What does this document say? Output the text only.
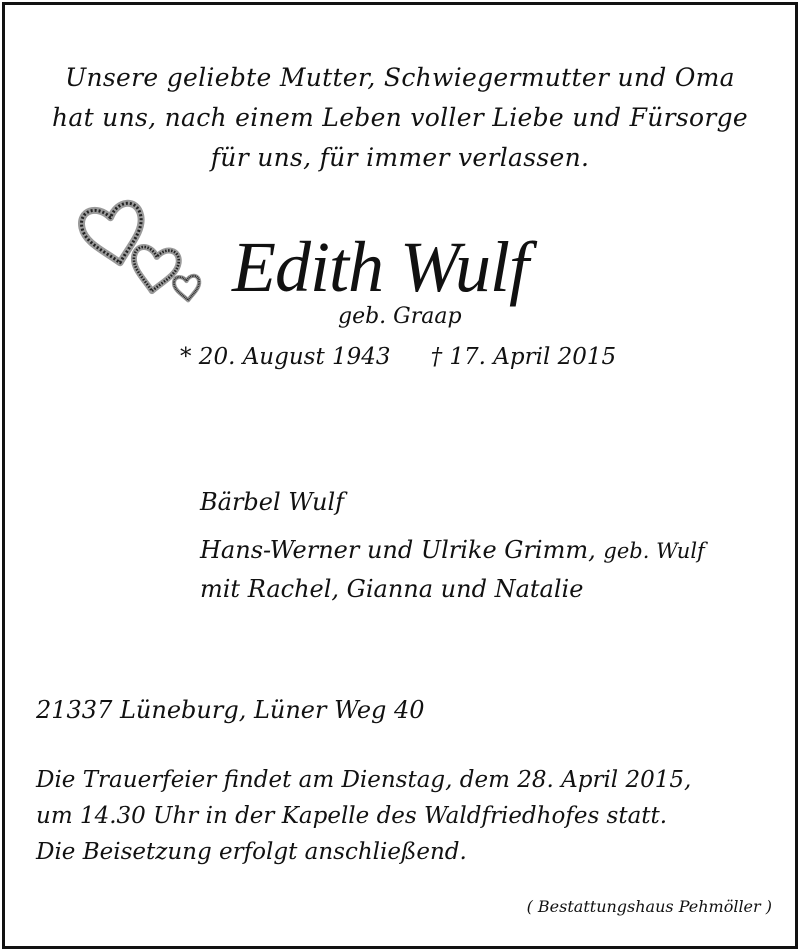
Unsere geliebte Mutter, Schwiegermutter und Oma
hat uns, nach einem Leben voller Liebe und Fürsorge
für uns, für immer verlassen.
Edith Wulf
geb. Graap
* 20. August 1943 † 17. April 2015
Bärbel Wulf
Hans-Werner und Ulrike Grimm, geb. Wulf
mit Rachel, Gianna und Natalie
21337 Lüneburg, Lüner Weg 40
Die Trauerfeier findet am Dienstag, dem 28. April 2015,
um 14.30 Uhr in der Kapelle des Waldfriedhofes statt.
Die Beisetzung erfolgt anschließend.
( Bestattungshaus Pehmöller )
